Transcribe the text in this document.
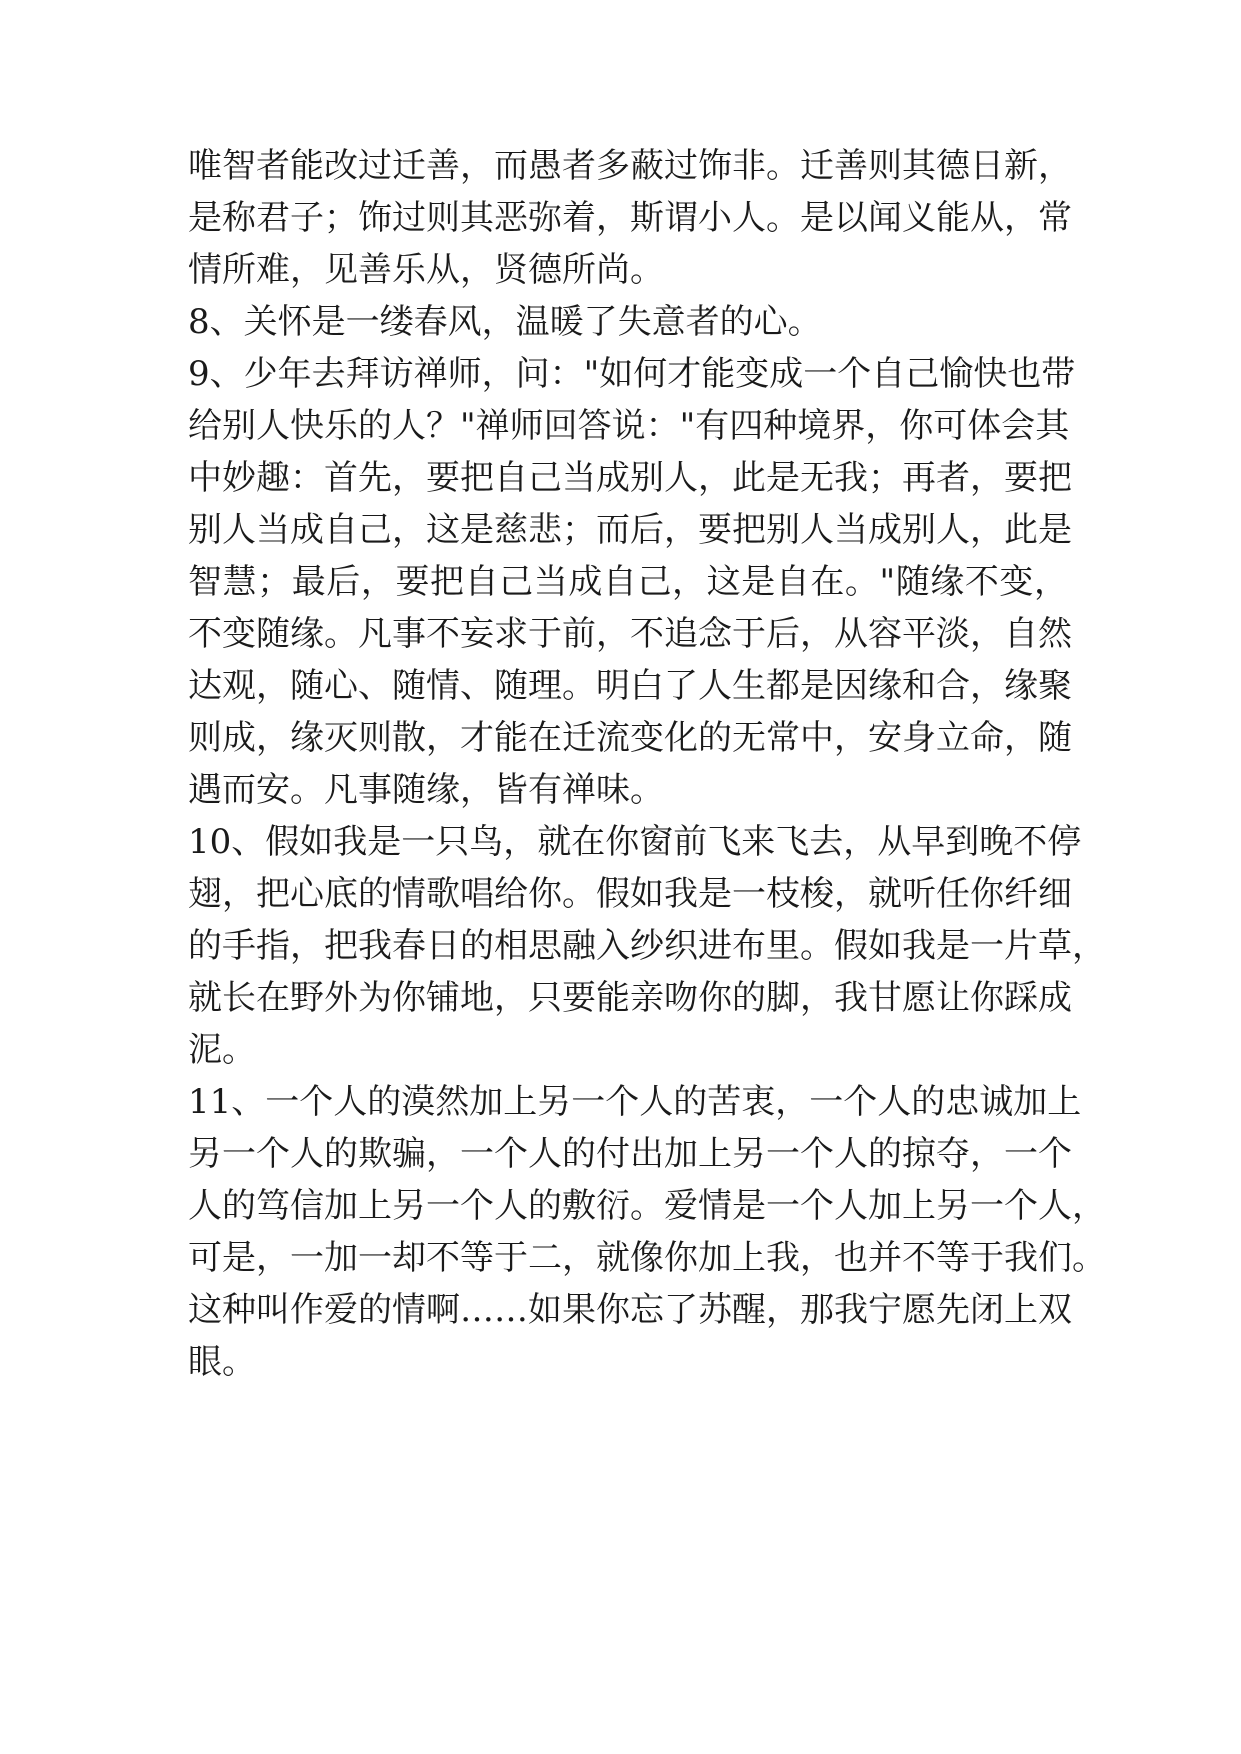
唯智者能改过迁善，而愚者多蔽过饰非。迁善则其德日新，
是称君子；饰过则其恶弥着，斯谓小人。是以闻义能从，常
情所难，见善乐从，贤德所尚。
8、关怀是一缕春风，温暖了失意者的心。
9、少年去拜访禅师，问："如何才能变成一个自己愉快也带
给别人快乐的人？"禅师回答说："有四种境界，你可体会其
中妙趣：首先，要把自己当成别人，此是无我；再者，要把
别人当成自己，这是慈悲；而后，要把别人当成别人，此是
智慧；最后，要把自己当成自己，这是自在。"随缘不变，
不变随缘。凡事不妄求于前，不追念于后，从容平淡，自然
达观，随心、随情、随理。明白了人生都是因缘和合，缘聚
则成，缘灭则散，才能在迁流变化的无常中，安身立命，随
遇而安。凡事随缘，皆有禅味。
10、假如我是一只鸟，就在你窗前飞来飞去，从早到晚不停
翅，把心底的情歌唱给你。假如我是一枝梭，就听任你纤细
的手指，把我春日的相思融入纱织进布里。假如我是一片草，
就长在野外为你铺地，只要能亲吻你的脚，我甘愿让你踩成
泥。
11、一个人的漠然加上另一个人的苦衷，一个人的忠诚加上
另一个人的欺骗，一个人的付出加上另一个人的掠夺，一个
人的笃信加上另一个人的敷衍。爱情是一个人加上另一个人，
可是，一加一却不等于二，就像你加上我，也并不等于我们。
这种叫作爱的情啊……如果你忘了苏醒，那我宁愿先闭上双
眼。
